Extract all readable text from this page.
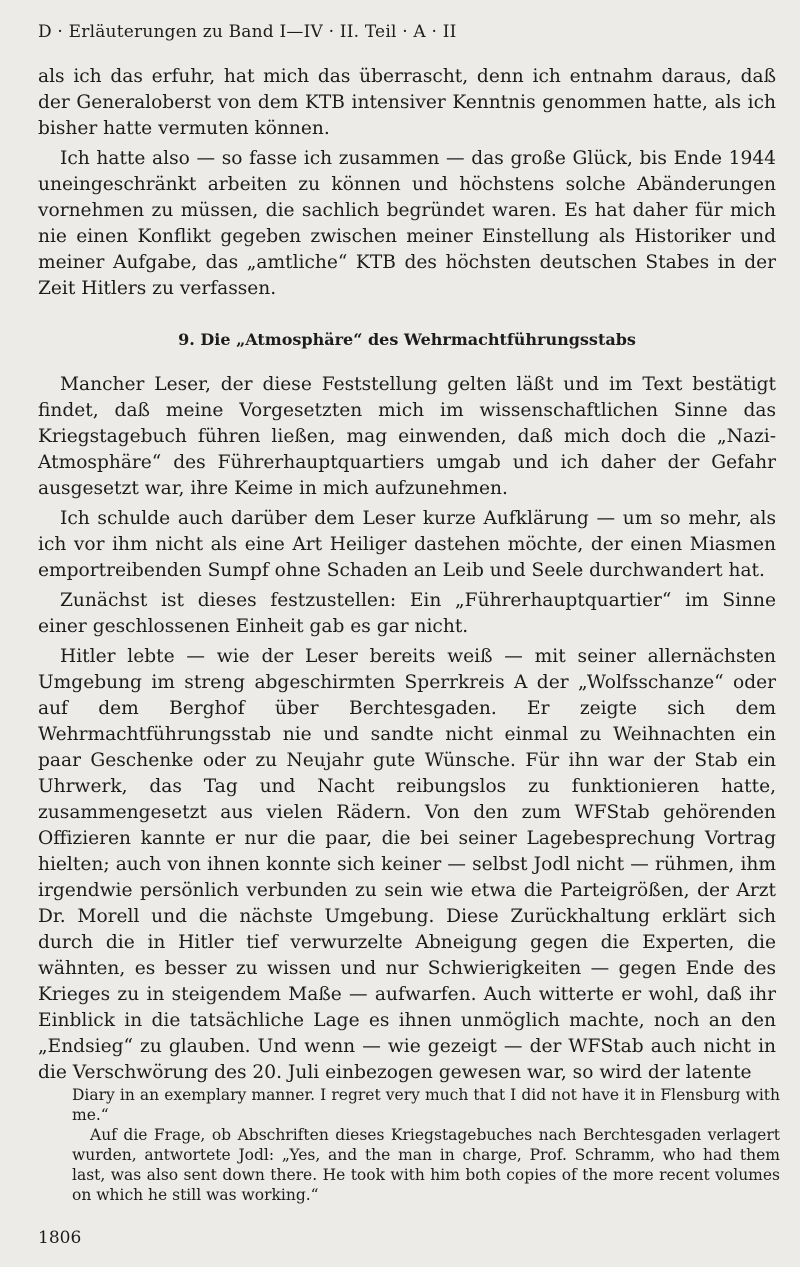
D · Erläuterungen zu Band I—IV · II. Teil · A · II

als ich das erfuhr, hat mich das überrascht, denn ich entnahm daraus, daß der Generaloberst von dem KTB intensiver Kenntnis genommen hatte, als ich bisher hatte vermuten können.

Ich hatte also — so fasse ich zusammen — das große Glück, bis Ende 1944 uneingeschränkt arbeiten zu können und höchstens solche Abänderungen vornehmen zu müssen, die sachlich begründet waren. Es hat daher für mich nie einen Konflikt gegeben zwischen meiner Einstellung als Historiker und meiner Aufgabe, das „amtliche“ KTB des höchsten deutschen Stabes in der Zeit Hitlers zu verfassen.

9. Die „Atmosphäre“ des Wehrmachtführungsstabs

Mancher Leser, der diese Feststellung gelten läßt und im Text bestätigt findet, daß meine Vorgesetzten mich im wissenschaftlichen Sinne das Kriegstagebuch führen ließen, mag einwenden, daß mich doch die „Nazi-Atmosphäre“ des Führerhauptquartiers umgab und ich daher der Gefahr ausgesetzt war, ihre Keime in mich aufzunehmen.

Ich schulde auch darüber dem Leser kurze Aufklärung — um so mehr, als ich vor ihm nicht als eine Art Heiliger dastehen möchte, der einen Miasmen emportreibenden Sumpf ohne Schaden an Leib und Seele durchwandert hat.

Zunächst ist dieses festzustellen: Ein „Führerhauptquartier“ im Sinne einer geschlossenen Einheit gab es gar nicht.

Hitler lebte — wie der Leser bereits weiß — mit seiner allernächsten Umgebung im streng abgeschirmten Sperrkreis A der „Wolfsschanze“ oder auf dem Berghof über Berchtesgaden. Er zeigte sich dem Wehrmachtführungsstab nie und sandte nicht einmal zu Weihnachten ein paar Geschenke oder zu Neujahr gute Wünsche. Für ihn war der Stab ein Uhrwerk, das Tag und Nacht reibungslos zu funktionieren hatte, zusammengesetzt aus vielen Rädern. Von den zum WFStab gehörenden Offizieren kannte er nur die paar, die bei seiner Lagebesprechung Vortrag hielten; auch von ihnen konnte sich keiner — selbst Jodl nicht — rühmen, ihm irgendwie persönlich verbunden zu sein wie etwa die Parteigrößen, der Arzt Dr. Morell und die nächste Umgebung. Diese Zurückhaltung erklärt sich durch die in Hitler tief verwurzelte Abneigung gegen die Experten, die wähnten, es besser zu wissen und nur Schwierigkeiten — gegen Ende des Krieges zu in steigendem Maße — aufwarfen. Auch witterte er wohl, daß ihr Einblick in die tatsächliche Lage es ihnen unmöglich machte, noch an den „Endsieg“ zu glauben. Und wenn — wie gezeigt — der WFStab auch nicht in die Verschwörung des 20. Juli einbezogen gewesen war, so wird der latente

Diary in an exemplary manner. I regret very much that I did not have it in Flensburg with me.“

Auf die Frage, ob Abschriften dieses Kriegstagebuches nach Berchtesgaden verlagert wurden, antwortete Jodl: „Yes, and the man in charge, Prof. Schramm, who had them last, was also sent down there. He took with him both copies of the more recent volumes on which he still was working.“

1806
